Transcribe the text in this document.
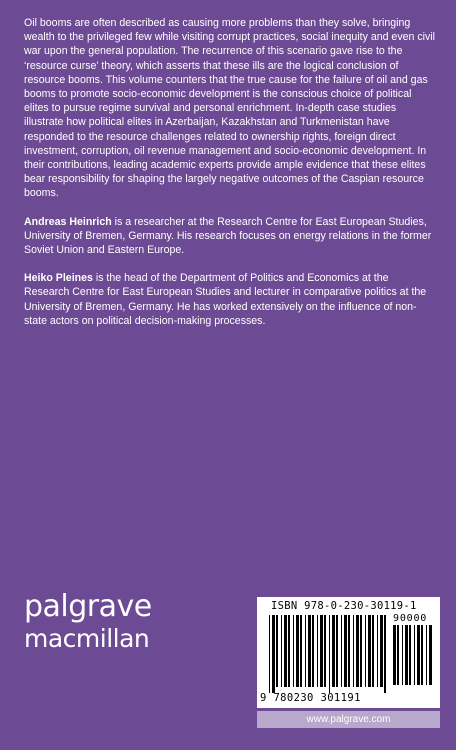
Oil booms are often described as causing more problems than they solve, bringing wealth to the privileged few while visiting corrupt practices, social inequity and even civil war upon the general population. The recurrence of this scenario gave rise to the ‘resource curse’ theory, which asserts that these ills are the logical conclusion of resource booms. This volume counters that the true cause for the failure of oil and gas booms to promote socio-economic development is the conscious choice of political elites to pursue regime survival and personal enrichment. In-depth case studies illustrate how political elites in Azerbaijan, Kazakhstan and Turkmenistan have responded to the resource challenges related to ownership rights, foreign direct investment, corruption, oil revenue management and socio-economic development. In their contributions, leading academic experts provide ample evidence that these elites bear responsibility for shaping the largely negative outcomes of the Caspian resource booms.

Andreas Heinrich is a researcher at the Research Centre for East European Studies, University of Bremen, Germany. His research focuses on energy relations in the former Soviet Union and Eastern Europe.

Heiko Pleines is the head of the Department of Politics and Economics at the Research Centre for East European Studies and lecturer in comparative politics at the University of Bremen, Germany. He has worked extensively on the influence of non-state actors on political decision-making processes.

palgrave
macmillan
ISBN 978-0-230-30119-1
90000
9 780230 301191
www.palgrave.com
